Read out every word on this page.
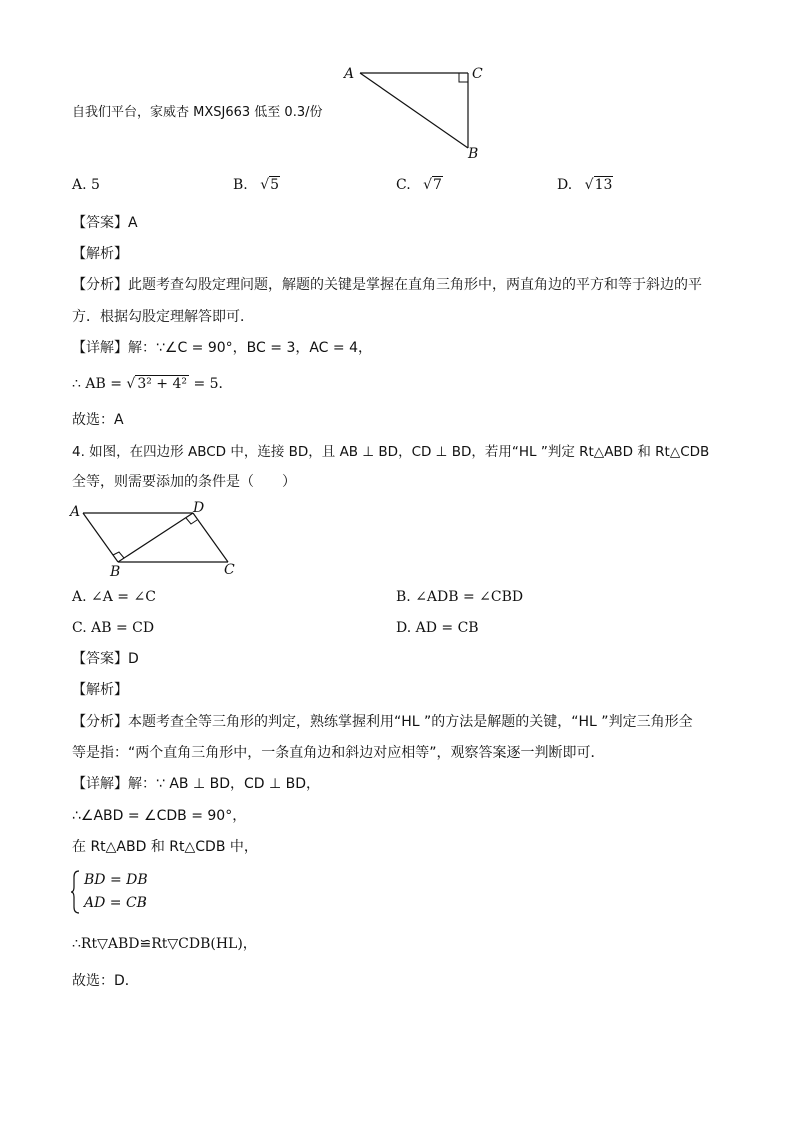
A	C
B
自我们平台，家威杏 MXSJ663 低至 0.3/份
A. 5	B. √5	C. √7	D. √13
【答案】A
【解析】
【分析】此题考查勾股定理问题，解题的关键是掌握在直角三角形中，两直角边的平方和等于斜边的平
方．根据勾股定理解答即可．
【详解】解：∵∠C = 90°，BC = 3，AC = 4，
∴ AB = √ 3² + 4² = 5．
故选：A
4. 如图，在四边形 ABCD 中，连接 BD，且 AB ⊥ BD，CD ⊥ BD，若用“HL ”判定 Rt△ABD 和 Rt△CDB
全等，则需要添加的条件是（　　）
A	D
B	C
A. ∠A = ∠C	B. ∠ADB = ∠CBD
C. AB = CD	D. AD = CB
【答案】D
【解析】
【分析】本题考查全等三角形的判定，熟练掌握利用“HL ”的方法是解题的关键，“HL ”判定三角形全
等是指：“两个直角三角形中，一条直角边和斜边对应相等”，观察答案逐一判断即可．
【详解】解：∵ AB ⊥ BD，CD ⊥ BD，
∴∠ABD = ∠CDB = 90°，
在 Rt△ABD 和 Rt△CDB 中，
BD = DB
AD = CB
，
∴Rt▽ABD≌Rt▽CDB(HL)，
故选：D．
